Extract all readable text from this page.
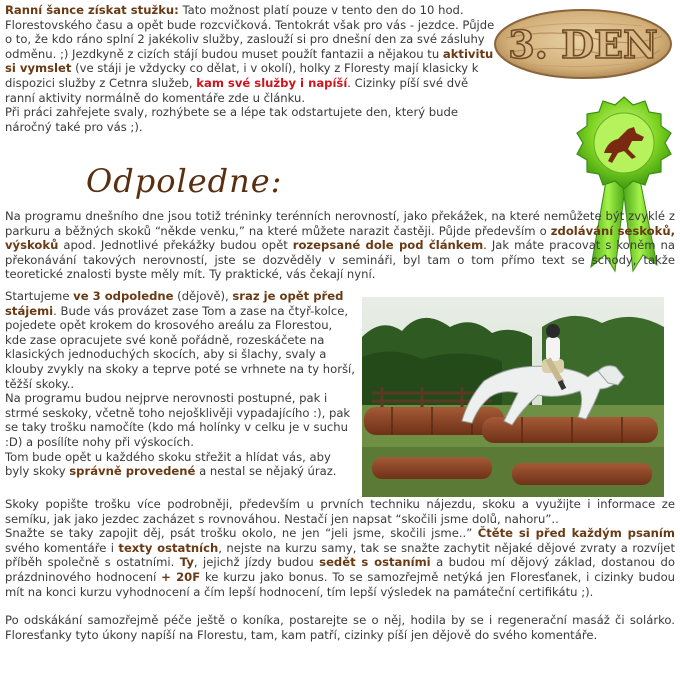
Ranní šance získat stužku: Tato možnost platí pouze v tento den do 10 hod. Florestovského času a opět bude rozcvičková. Tentokrát však pro vás - jezdce. Půjde o to, že kdo ráno splní 2 jakékoliv služby, zaslouží si pro dnešní den za své zásluhy odměnu. ;) Jezdkyně z cizích stájí budou muset použít fantazii a nějakou tu aktivitu si vymslet (ve stáji je vždycky co dělat, i v okolí), holky z Floresty mají klasicky k dispozici služby z Cetnra služeb, kam své služby i napíší. Cizinky píší své dvě ranní aktivity normálně do komentáře zde u článku.

Při práci zahřejete svaly, rozhýbete se a lépe tak odstartujete den, který bude náročný také pro vás ;).

3. DEN
Odpoledne:

Na programu dnešního dne jsou totiž tréninky terénních nerovností, jako překážek, na které nemůžete být zvyklé z parkuru a běžných skoků “někde venku,” na které můžete narazit častěji. Půjde především o zdolávání seskoků, výskoků apod. Jednotlivé překážky budou opět rozepsané dole pod článkem. Jak máte pracovat s koněm na překonávání takových nerovností, jste se dozvěděly v semináři, byl tam o tom přímo text se schody, takže teoretické znalosti byste měly mít. Ty praktické, vás čekají nyní.

Startujeme ve 3 odpoledne (dějově), sraz je opět před stájemi. Bude vás provázet zase Tom a zase na čtyř-kolce, pojedete opět krokem do krosového areálu za Florestou, kde zase opracujete své koně pořádně, rozeskáčete na klasických jednoduchých skocích, aby si šlachy, svaly a klouby zvykly na skoky a teprve poté se vrhnete na ty horší, těžší skoky..

Na programu budou nejprve nerovnosti postupné, pak i strmé seskoky, včetně toho nejošklivěji vypadajícího :), pak se taky trošku namočíte (kdo má holínky v celku je v suchu :D) a posílíte nohy při výskocích.

Tom bude opět u každého skoku střežit a hlídat vás, aby byly skoky správně provedené a nestal se nějaký úraz.

Skoky popište trošku více podrobněji, především u prvních techniku nájezdu, skoku a využijte i informace ze semíku, jak jako jezdec zacházet s rovnováhou. Nestačí jen napsat “skočili jsme dolů, nahoru”..

Snažte se taky zapojit děj, psát trošku okolo, ne jen “jeli jsme, skočili jsme..” Čtěte si před každým psaním svého komentáře i texty ostatních, nejste na kurzu samy, tak se snažte zachytit nějaké dějové zvraty a rozvíjet příběh společně s ostatními. Ty, jejichž jízdy budou sedět s ostaními a budou mí dějový základ, dostanou do prázdninového hodnocení + 20F ke kurzu jako bonus. To se samozřejmě netýká jen Floresťanek, i cizinky budou mít na konci kurzu vyhodnocení a čím lepší hodnocení, tím lepší výsledek na památeční certifikátu ;).

Po odskákání samozřejmě péče ještě o koníka, postarejte se o něj, hodila by se i regenerační masáž či solárko. Floresťanky tyto úkony napíší na Florestu, tam, kam patří, cizinky píší jen dějově do svého komentáře.
